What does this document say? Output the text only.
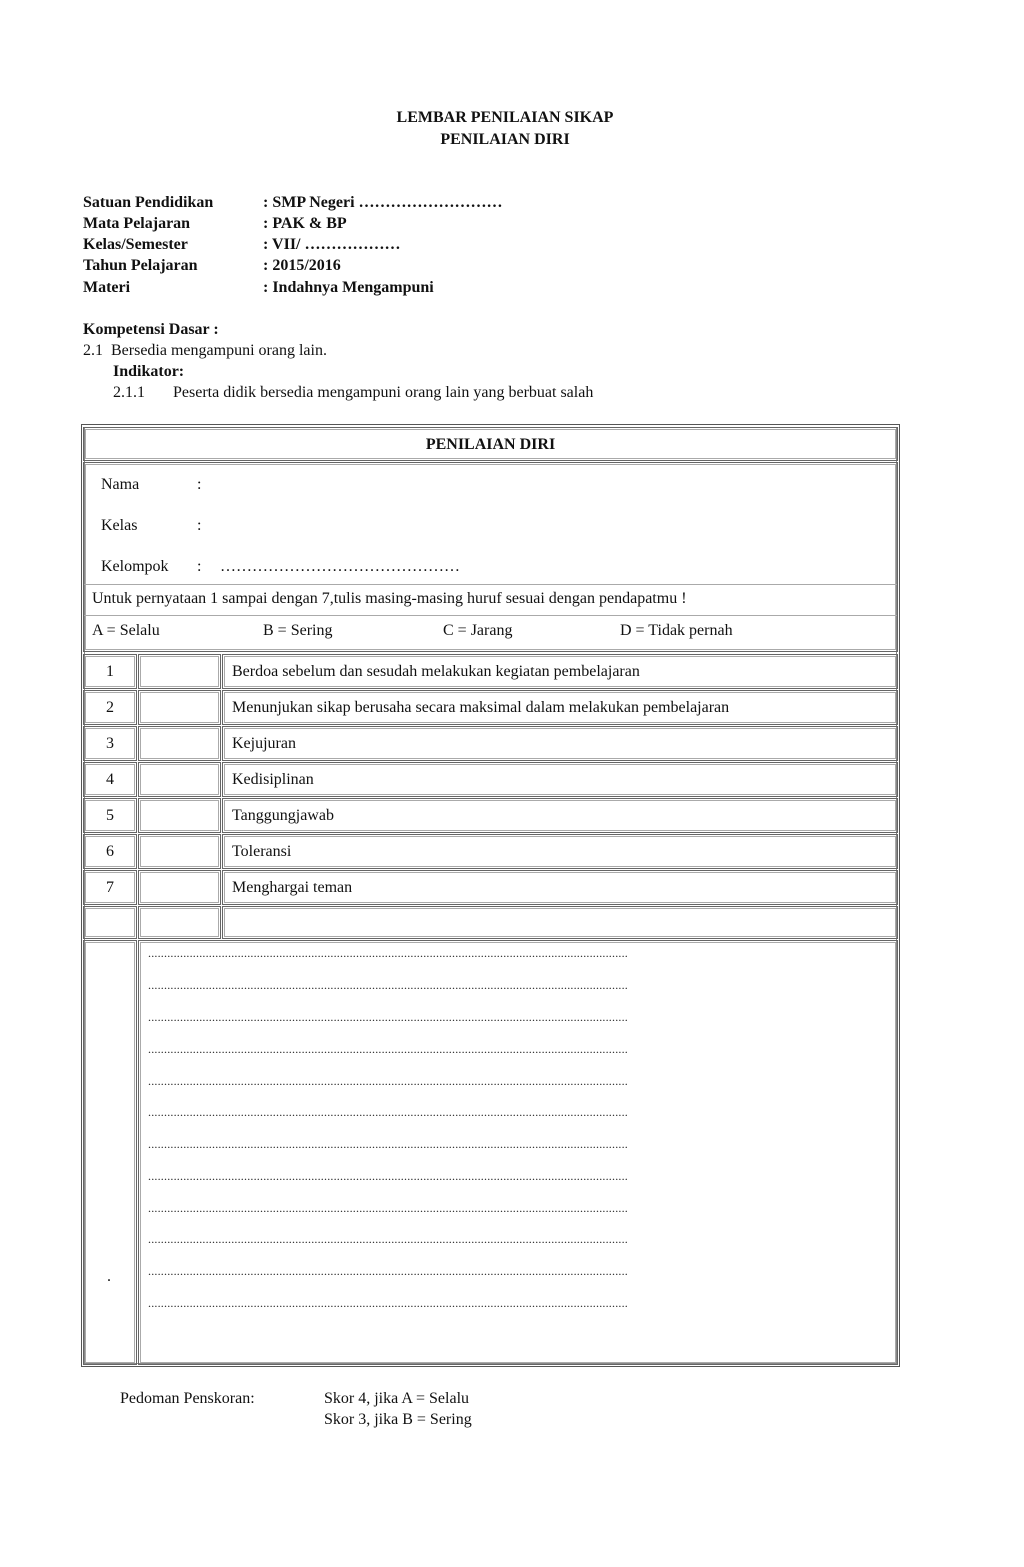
LEMBAR PENILAIAN SIKAP
PENILAIAN DIRI
Satuan Pendidikan	: SMP Negeri ………………………
Mata Pelajaran	: PAK & BP
Kelas/Semester	: VII/ ………………
Tahun Pelajaran	: 2015/2016
Materi	: Indahnya Mengampuni
Kompetensi Dasar :
2.1  Bersedia mengampuni orang lain.
Indikator:
2.1.1 Peserta didik bersedia mengampuni orang lain yang berbuat salah
PENILAIAN DIRI
Nama	:
Kelas	:
Kelompok : ………………………………………
Untuk pernyataan 1 sampai dengan 7,tulis masing-masing huruf sesuai dengan pendapatmu !
A = Selalu	B = Sering	C = Jarang	D = Tidak pernah
1	Berdoa sebelum dan sesudah melakukan kegiatan pembelajaran
2	Menunjukan sikap berusaha secara maksimal dalam melakukan pembelajaran
3	Kejujuran
4	Kedisiplinan
5	Tanggungjawab
6	Toleransi
7	Menghargai teman
.
......................................................................................................................................................
......................................................................................................................................................
......................................................................................................................................................
......................................................................................................................................................
......................................................................................................................................................
......................................................................................................................................................
......................................................................................................................................................
......................................................................................................................................................
......................................................................................................................................................
......................................................................................................................................................
......................................................................................................................................................
......................................................................................................................................................
Pedoman Penskoran:	Skor 4, jika A = Selalu
Skor 3, jika B = Sering
